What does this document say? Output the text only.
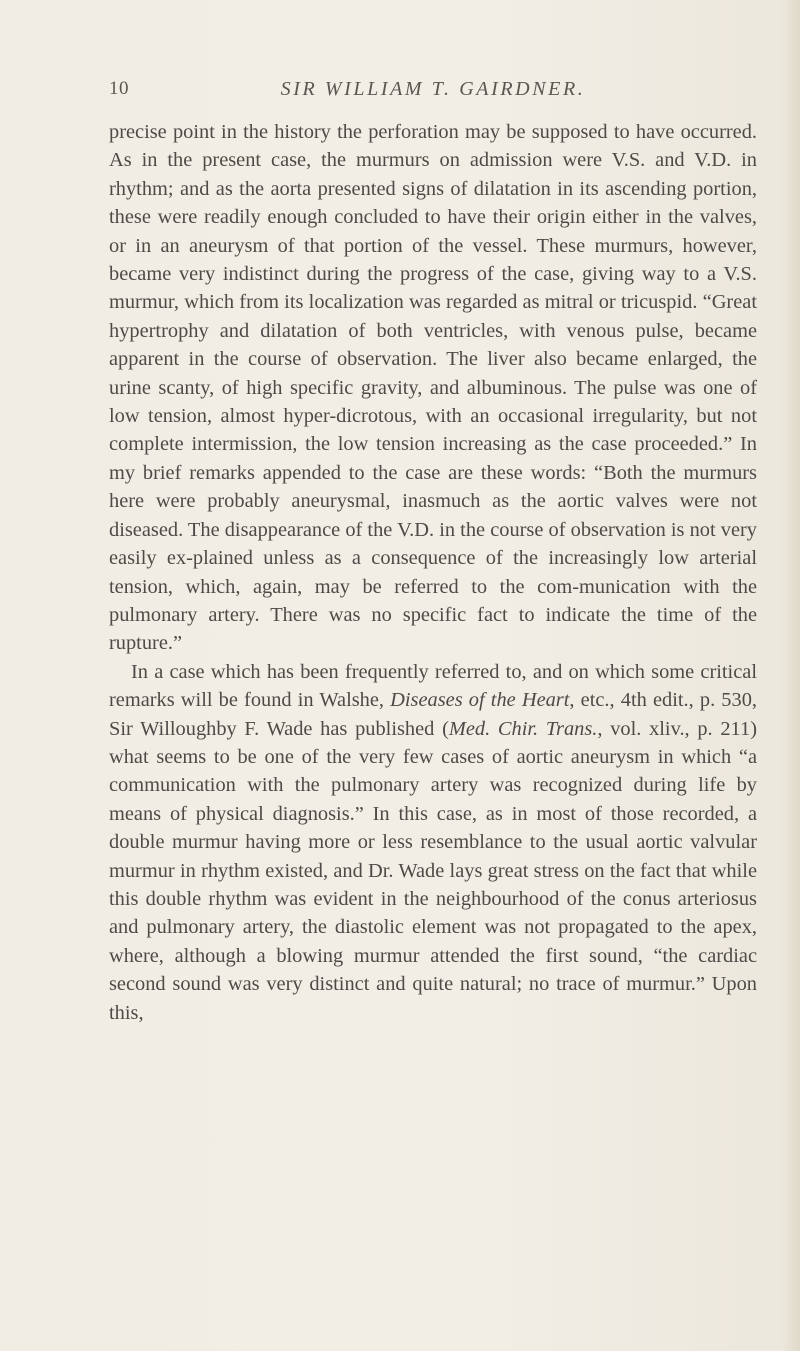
10	SIR WILLIAM T. GAIRDNER.

precise point in the history the perforation may be supposed to have occurred. As in the present case, the murmurs on admission were V.S. and V.D. in rhythm; and as the aorta presented signs of dilatation in its ascending portion, these were readily enough concluded to have their origin either in the valves, or in an aneurysm of that portion of the vessel. These murmurs, however, became very indistinct during the progress of the case, giving way to a V.S. murmur, which from its localization was regarded as mitral or tricuspid. “Great hypertrophy and dilatation of both ventricles, with venous pulse, became apparent in the course of observation. The liver also became enlarged, the urine scanty, of high specific gravity, and albuminous. The pulse was one of low tension, almost hyper-dicrotous, with an occasional irregularity, but not complete intermission, the low tension increasing as the case proceeded.” In my brief remarks appended to the case are these words: “Both the murmurs here were probably aneurysmal, inasmuch as the aortic valves were not diseased. The disappearance of the V.D. in the course of observation is not very easily ex-plained unless as a consequence of the increasingly low arterial tension, which, again, may be referred to the com-munication with the pulmonary artery. There was no specific fact to indicate the time of the rupture.”

In a case which has been frequently referred to, and on which some critical remarks will be found in Walshe, Diseases of the Heart, etc., 4th edit., p. 530, Sir Willoughby F. Wade has published (Med. Chir. Trans., vol. xliv., p. 211) what seems to be one of the very few cases of aortic aneurysm in which “a communication with the pulmonary artery was recognized during life by means of physical diagnosis.” In this case, as in most of those recorded, a double murmur having more or less resemblance to the usual aortic valvular murmur in rhythm existed, and Dr. Wade lays great stress on the fact that while this double rhythm was evident in the neighbourhood of the conus arteriosus and pulmonary artery, the diastolic element was not propagated to the apex, where, although a blowing murmur attended the first sound, “the cardiac second sound was very distinct and quite natural; no trace of murmur.” Upon this,
